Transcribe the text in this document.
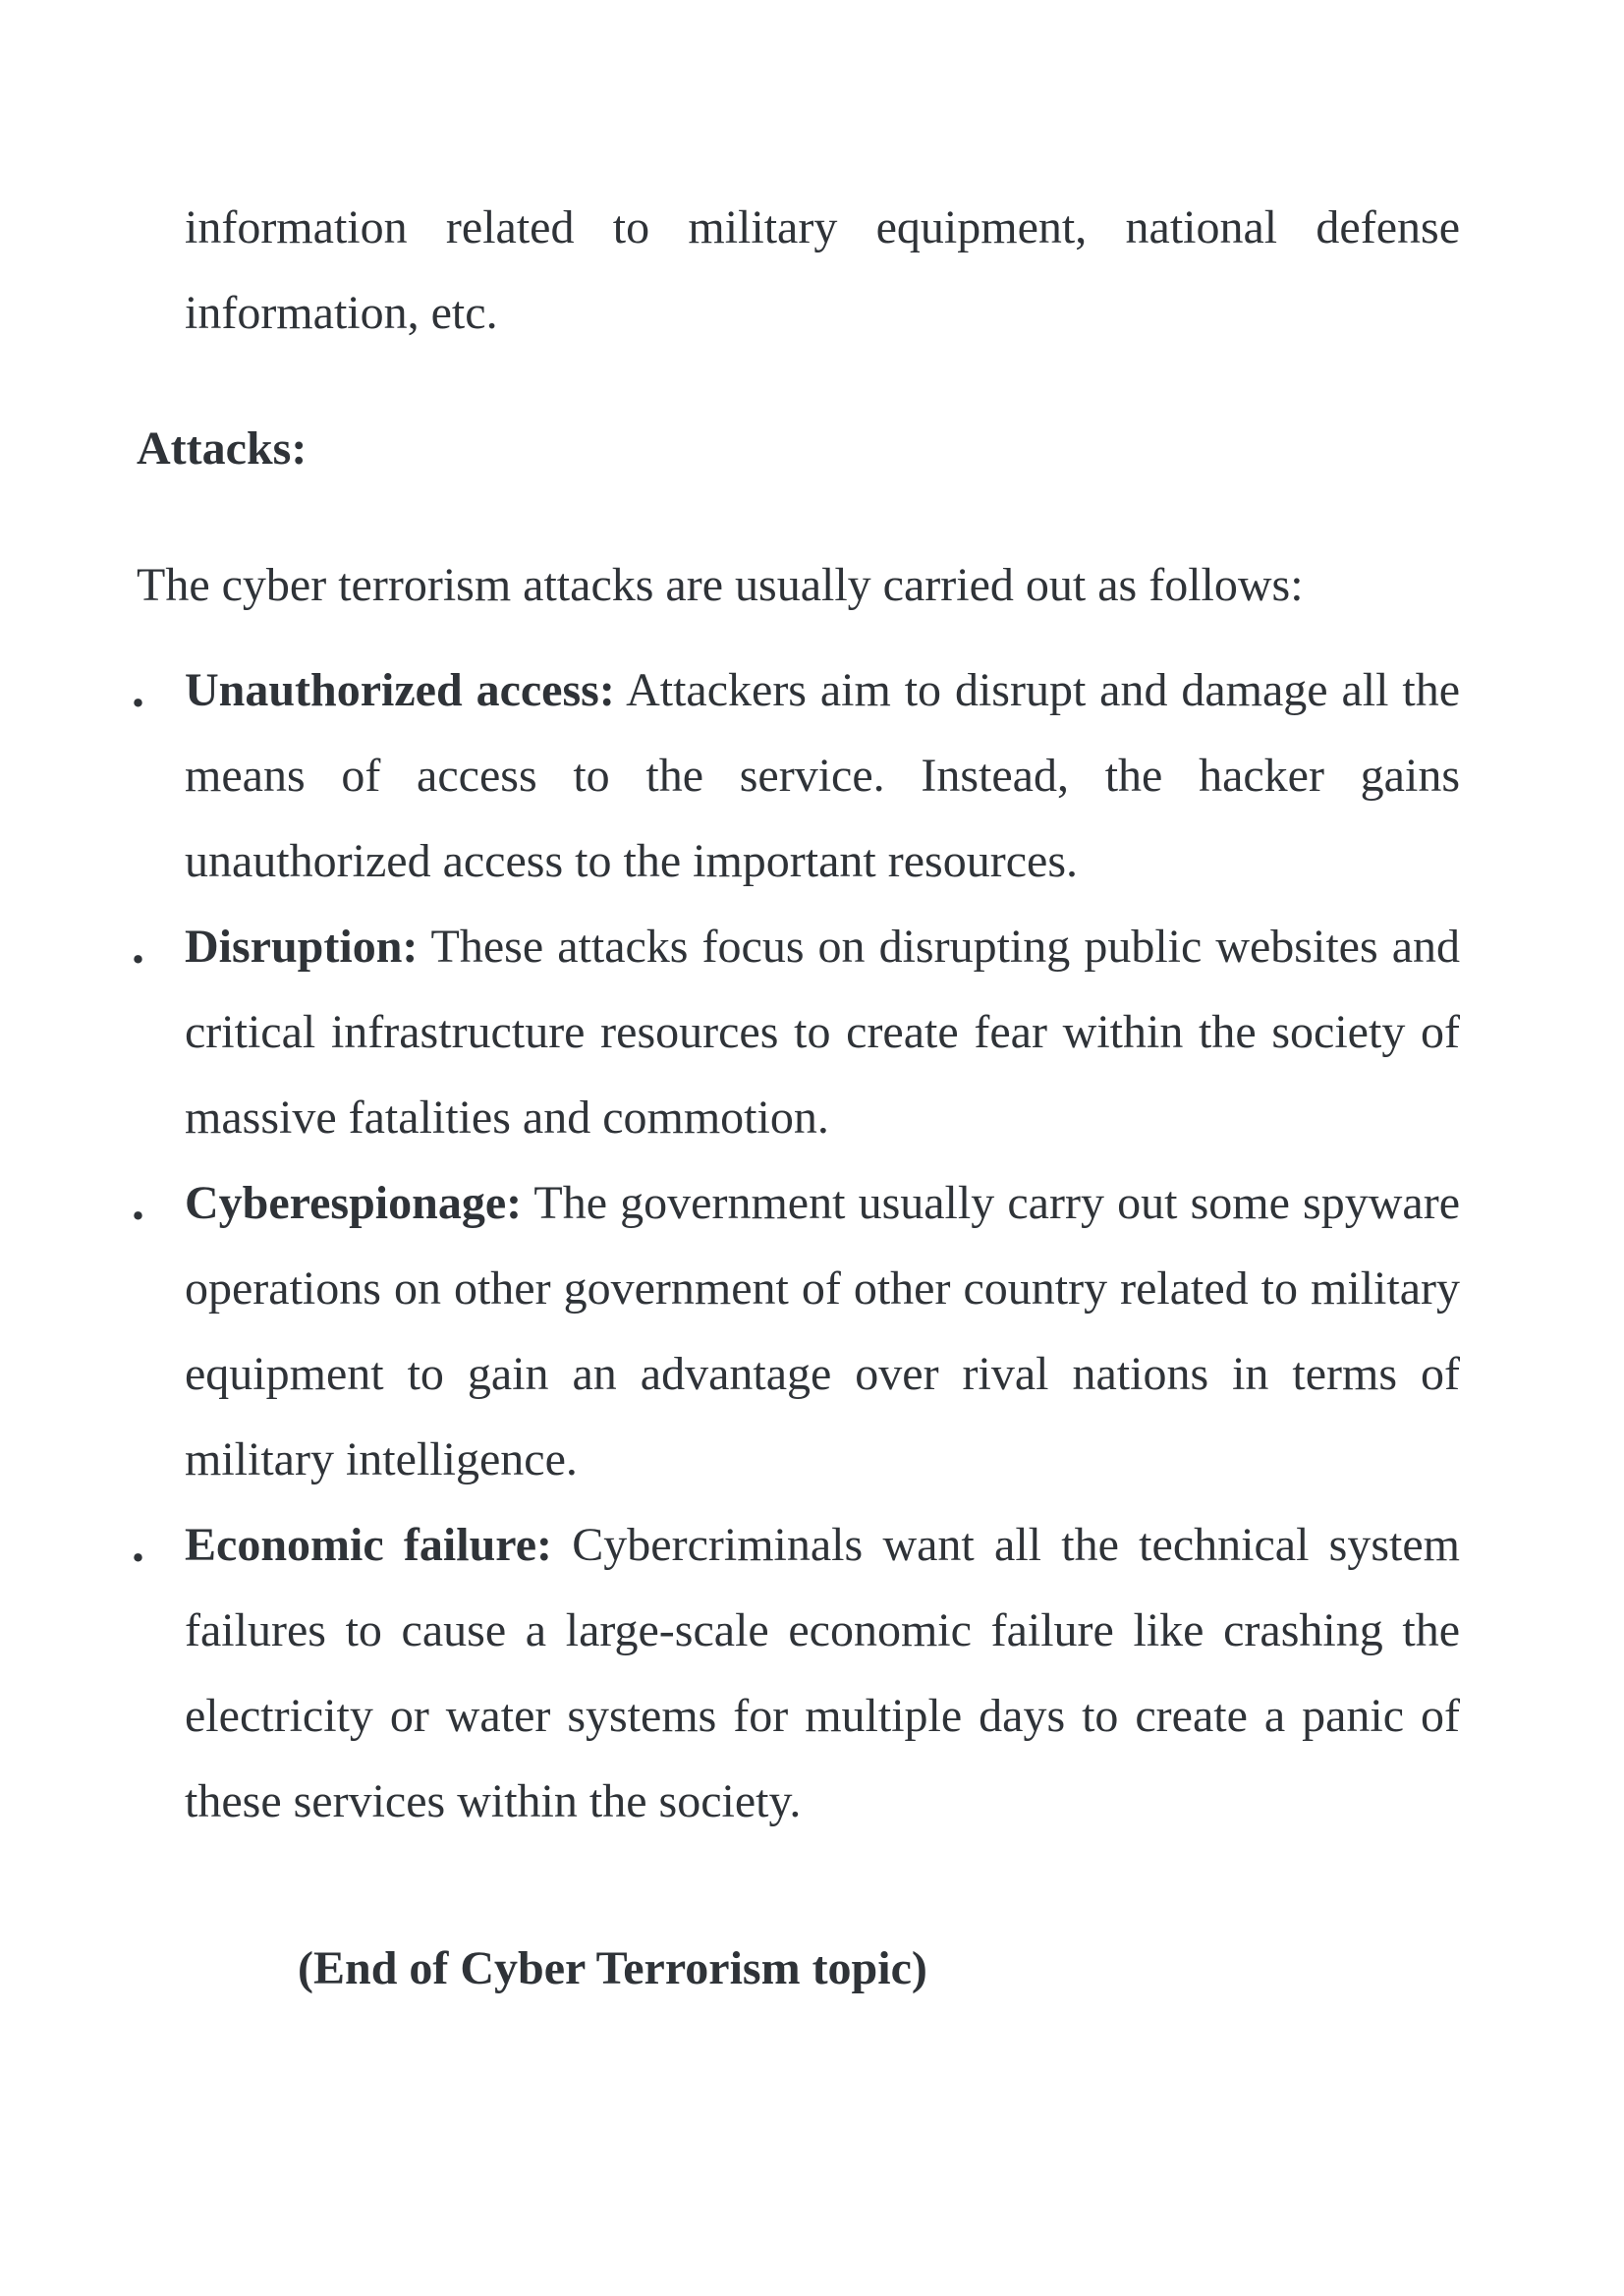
information related to military equipment, national defense information, etc.

Attacks:

The cyber terrorism attacks are usually carried out as follows:

. Unauthorized access: Attackers aim to disrupt and damage all the means of access to the service. Instead, the hacker gains unauthorized access to the important resources.
. Disruption: These attacks focus on disrupting public websites and critical infrastructure resources to create fear within the society of massive fatalities and commotion.
. Cyberespionage: The government usually carry out some spyware operations on other government of other country related to military equipment to gain an advantage over rival nations in terms of military intelligence.
. Economic failure: Cybercriminals want all the technical system failures to cause a large-scale economic failure like crashing the electricity or water systems for multiple days to create a panic of these services within the society.
(End of Cyber Terrorism topic)
